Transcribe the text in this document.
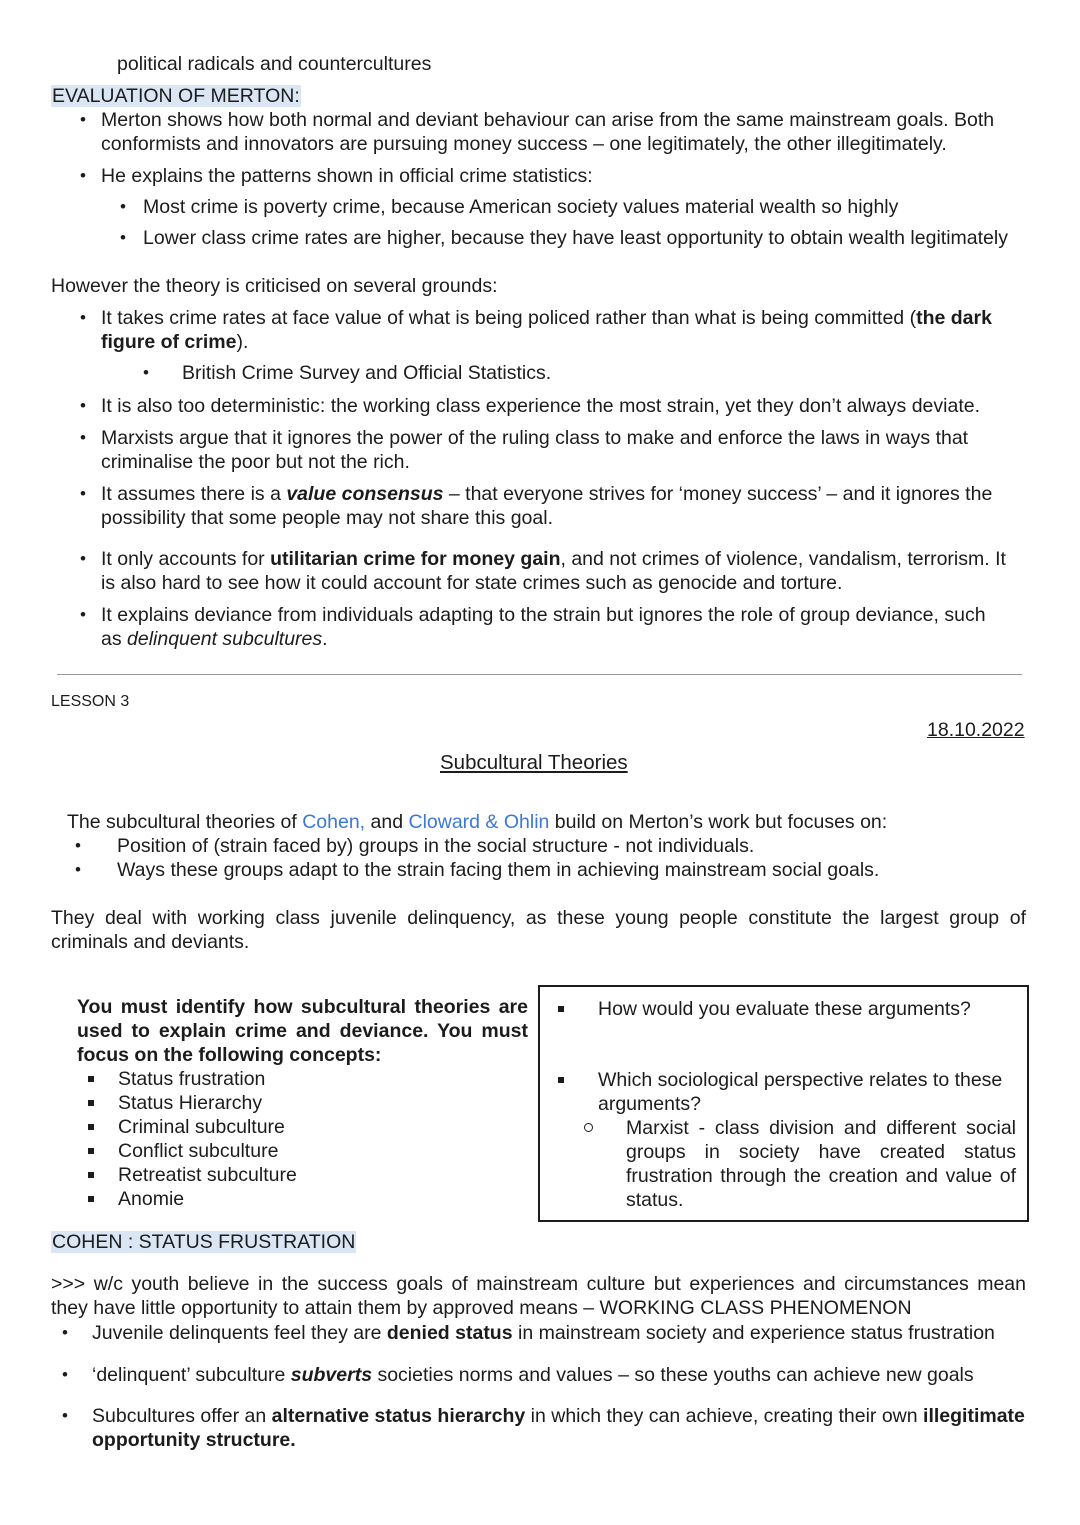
political radicals and countercultures
EVALUATION OF MERTON:
• Merton shows how both normal and deviant behaviour can arise from the same mainstream goals. Both
conformists and innovators are pursuing money success – one legitimately, the other illegitimately.
• He explains the patterns shown in official crime statistics:
• Most crime is poverty crime, because American society values material wealth so highly
• Lower class crime rates are higher, because they have least opportunity to obtain wealth legitimately
However the theory is criticised on several grounds:
• It takes crime rates at face value of what is being policed rather than what is being committed (the dark
figure of crime).
• British Crime Survey and Official Statistics.
• It is also too deterministic: the working class experience the most strain, yet they don’t always deviate.
• Marxists argue that it ignores the power of the ruling class to make and enforce the laws in ways that
criminalise the poor but not the rich.
• It assumes there is a value consensus – that everyone strives for ‘money success’ – and it ignores the
possibility that some people may not share this goal.
• It only accounts for utilitarian crime for money gain, and not crimes of violence, vandalism, terrorism. It
is also hard to see how it could account for state crimes such as genocide and torture.
• It explains deviance from individuals adapting to the strain but ignores the role of group deviance, such
as delinquent subcultures.
LESSON 3
18.10.2022
Subcultural Theories
The subcultural theories of Cohen, and Cloward & Ohlin build on Merton’s work but focuses on:
• Position of (strain faced by) groups in the social structure - not individuals.
• Ways these groups adapt to the strain facing them in achieving mainstream social goals.
They deal with working class juvenile delinquency, as these young people constitute the largest group of
criminals and deviants.
You must identify how subcultural theories are
used to explain crime and deviance. You must
focus on the following concepts:
Status frustration
Status Hierarchy
Criminal subculture
Conflict subculture
Retreatist subculture
Anomie
How would you evaluate these arguments?
Which sociological perspective relates to these
arguments?
Marxist - class division and different social
groups in society have created status
frustration through the creation and value of
status.
COHEN : STATUS FRUSTRATION
>>> w/c youth believe in the success goals of mainstream culture but experiences and circumstances mean
they have little opportunity to attain them by approved means – WORKING CLASS PHENOMENON
• Juvenile delinquents feel they are denied status in mainstream society and experience status frustration
• ‘delinquent’ subculture subverts societies norms and values – so these youths can achieve new goals
• Subcultures offer an alternative status hierarchy in which they can achieve, creating their own illegitimate
opportunity structure.
